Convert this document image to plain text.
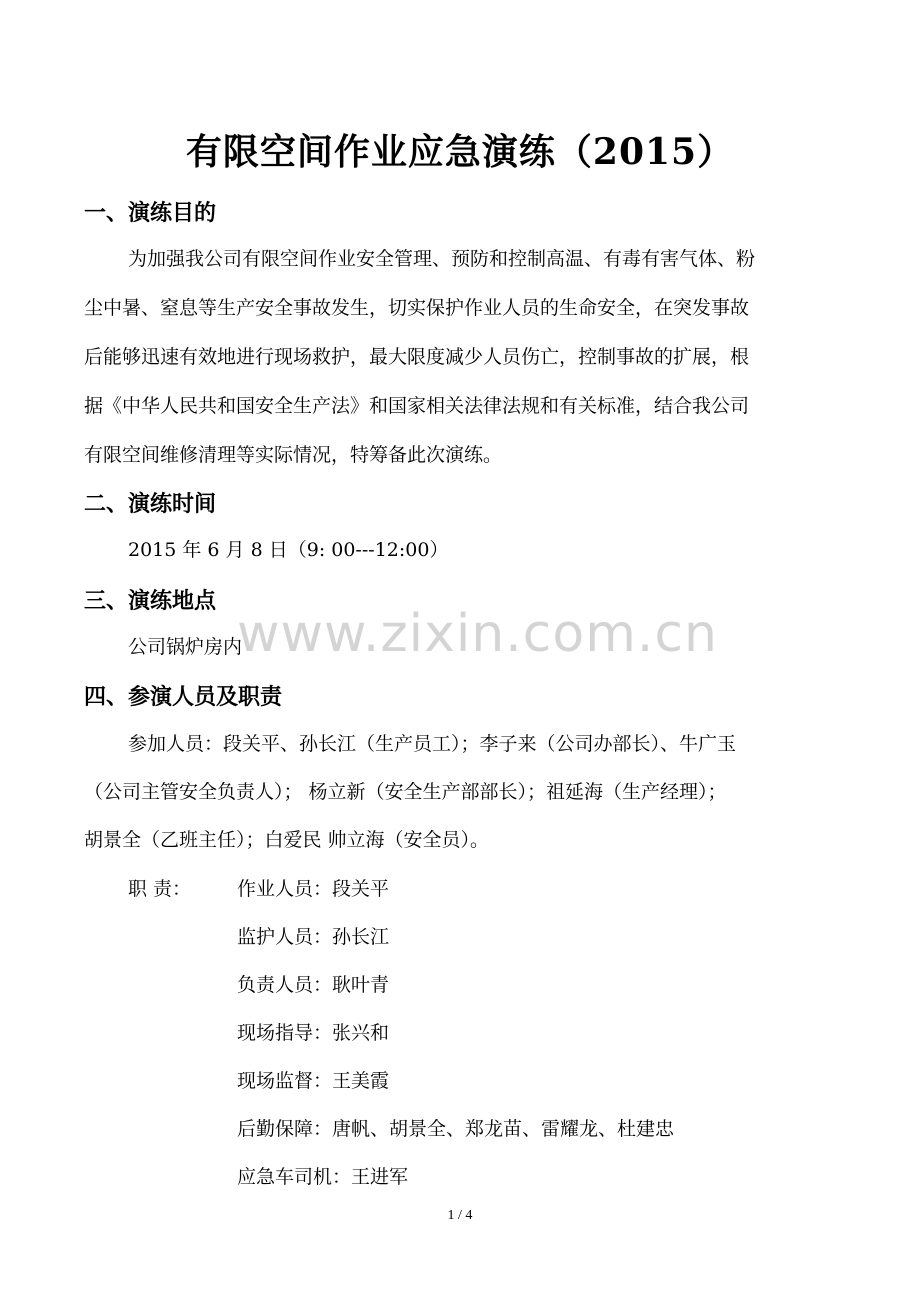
有限空间作业应急演练（2015）
一、演练目的
为加强我公司有限空间作业安全管理、预防和控制高温、有毒有害气体、粉
尘中暑、窒息等生产安全事故发生，切实保护作业人员的生命安全，在突发事故
后能够迅速有效地进行现场救护，最大限度减少人员伤亡，控制事故的扩展，根
据《中华人民共和国安全生产法》和国家相关法律法规和有关标准，结合我公司
有限空间维修清理等实际情况，特筹备此次演练。
二、演练时间
2015 年 6 月 8 日（9: 00---12:00）
三、演练地点
公司锅炉房内
www.zixin.com.cn
四、参演人员及职责
参加人员：段关平、孙长江（生产员工）；李子来（公司办部长）、牛广玉
（公司主管安全负责人）； 杨立新（安全生产部部长）；祖延海（生产经理）；
胡景全（乙班主任）；白爱民 帅立海（安全员）。
职 责： 作业人员：段关平
监护人员：孙长江
负责人员：耿叶青
现场指导：张兴和
现场监督：王美霞
后勤保障：唐帆、胡景全、郑龙苗、雷耀龙、杜建忠
应急车司机：王进军
1 / 4
